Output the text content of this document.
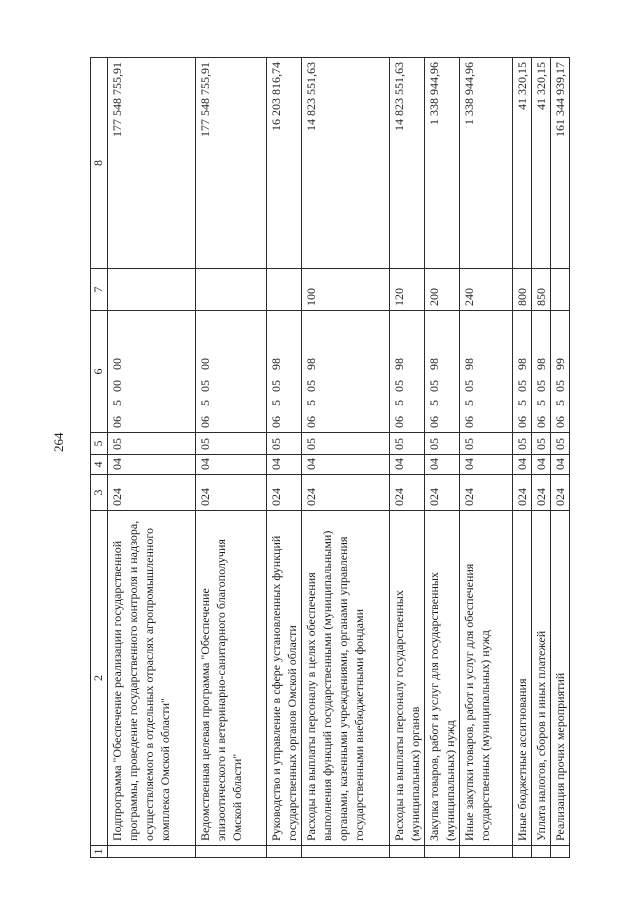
264
1	2	3	4	5	6	7	8
	Подпрограмма "Обеспечение реализации государственной программы, проведение государственного контроля и надзора, осуществляемого в отдельных отраслях агропромышленного комплекса Омской области"	024	04	05	0650000		177 548 755,91
	Ведомственная целевая программа "Обеспечение эпизоотического и ветеринарно-санитарного благополучия Омской области"	024	04	05	0650500		177 548 755,91
	Руководство и управление в сфере установленных функций государственных органов Омской области	024	04	05	0650598		16 203 816,74
	Расходы на выплаты персоналу в целях обеспечения выполнения функций государственными (муниципальными) органами, казенными учреждениями, органами управления государственными внебюджетными фондами	024	04	05	0650598	100	14 823 551,63
	Расходы на выплаты персоналу государственных (муниципальных) органов	024	04	05	0650598	120	14 823 551,63
	Закупка товаров, работ и услуг для государственных (муниципальных) нужд	024	04	05	0650598	200	1 338 944,96
	Иные закупки товаров, работ и услуг для обеспечения государственных (муниципальных) нужд	024	04	05	0650598	240	1 338 944,96
	Иные бюджетные ассигнования	024	04	05	0650598	800	41 320,15
	Уплата налогов, сборов и иных платежей	024	04	05	0650598	850	41 320,15
	Реализация прочих мероприятий	024	04	05	0650599		161 344 939,17
